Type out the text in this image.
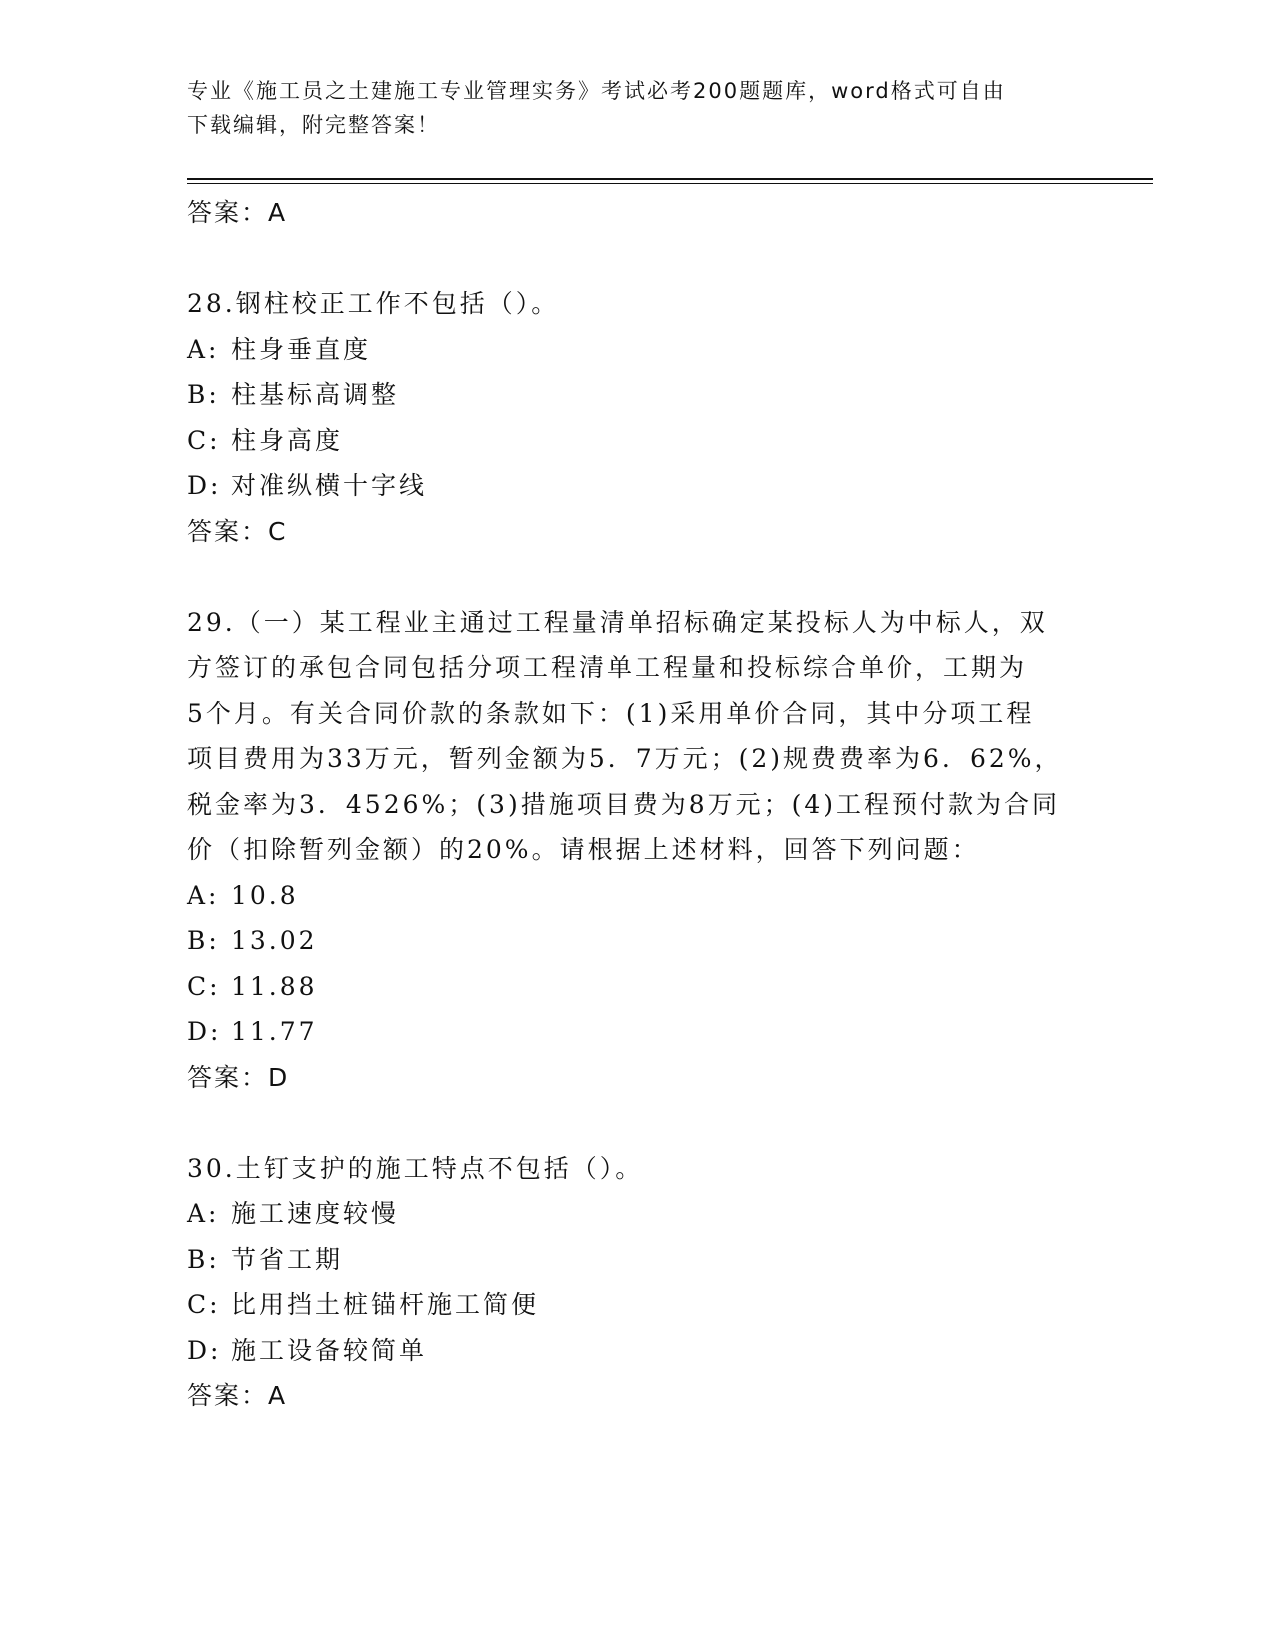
专业《施工员之土建施工专业管理实务》考试必考200题题库，word格式可自由
下载编辑，附完整答案！
答案：A
28.钢柱校正工作不包括（）。
A: 柱身垂直度
B: 柱基标高调整
C: 柱身高度
D: 对准纵横十字线
答案：C
29.（一）某工程业主通过工程量清单招标确定某投标人为中标人，双
方签订的承包合同包括分项工程清单工程量和投标综合单价，工期为
5个月。有关合同价款的条款如下：(1)采用单价合同，其中分项工程
项目费用为33万元，暂列金额为5．7万元；(2)规费费率为6．62%，
税金率为3．4526%；(3)措施项目费为8万元；(4)工程预付款为合同
价（扣除暂列金额）的20%。请根据上述材料，回答下列问题：
A: 10.8
B: 13.02
C: 11.88
D: 11.77
答案：D
30.土钉支护的施工特点不包括（）。
A: 施工速度较慢
B: 节省工期
C: 比用挡土桩锚杆施工简便
D: 施工设备较简单
答案：A
